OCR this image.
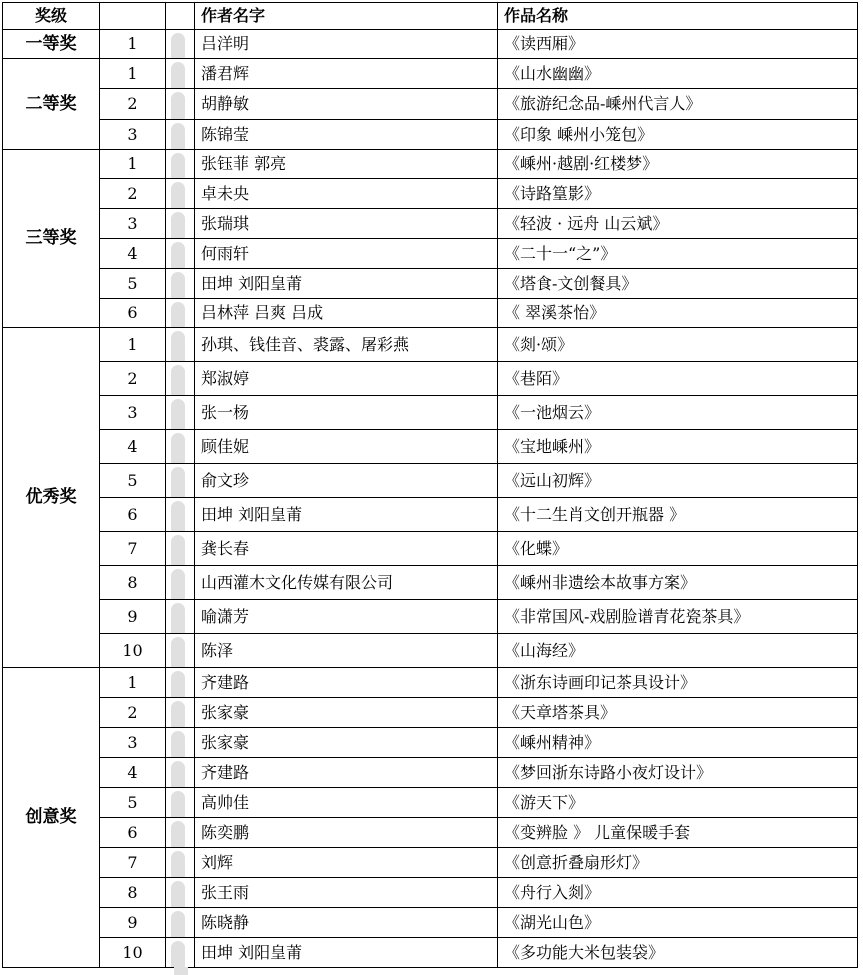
奖级			作者名字	作品名称
一等奖	1		吕洋明	《读西厢》
二等奖	1		潘君辉	《山水幽幽》
	2		胡静敏	《旅游纪念品-嵊州代言人》
	3		陈锦莹	《印象 嵊州小笼包》
三等奖	1		张钰菲 郭亮	《嵊州·越剧·红楼梦》
	2		卓未央	《诗路篁影》
	3		张瑞琪	《轻波 · 远舟 山云斌》
	4		何雨轩	《二十一“之”》
	5		田坤 刘阳皇莆	《塔食-文创餐具》
	6		吕林萍 吕爽 吕成	《 翠溪茶怡》
优秀奖	1		孙琪、钱佳音、裘露、屠彩燕	《剡·颂》
	2		郑淑婷	《巷陌》
	3		张一杨	《一池烟云》
	4		顾佳妮	《宝地嵊州》
	5		俞文珍	《远山初辉》
	6		田坤 刘阳皇莆	《十二生肖文创开瓶器 》
	7		龚长春	《化蝶》
	8		山西灌木文化传媒有限公司	《嵊州非遗绘本故事方案》
	9		喻潇芳	《非常国风-戏剧脸谱青花瓷茶具》
	10		陈泽	《山海经》
创意奖	1		齐建路	《浙东诗画印记茶具设计》
	2		张家豪	《天章塔茶具》
	3		张家豪	《嵊州精神》
	4		齐建路	《梦回浙东诗路小夜灯设计》
	5		高帅佳	《游天下》
	6		陈奕鹏	《变辨脸 》 儿童保暖手套
	7		刘辉	《创意折叠扇形灯》
	8		张王雨	《舟行入剡》
	9		陈晓静	《湖光山色》
	10		田坤 刘阳皇莆	《多功能大米包装袋》
